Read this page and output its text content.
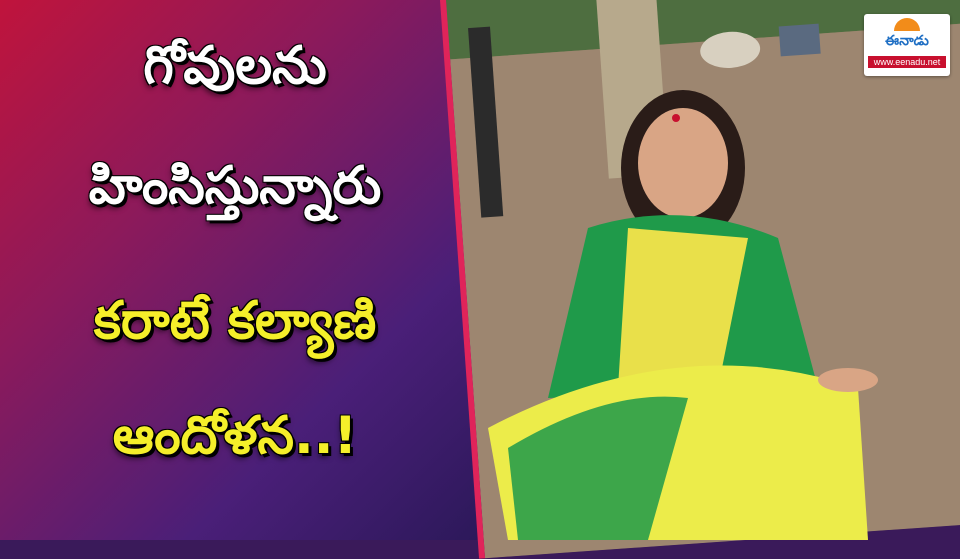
గోవులను
హింసిస్తున్నారు
కరాటే కల్యాణి
ఆందోళన..!
ఈనాడు
www.eenadu.net
